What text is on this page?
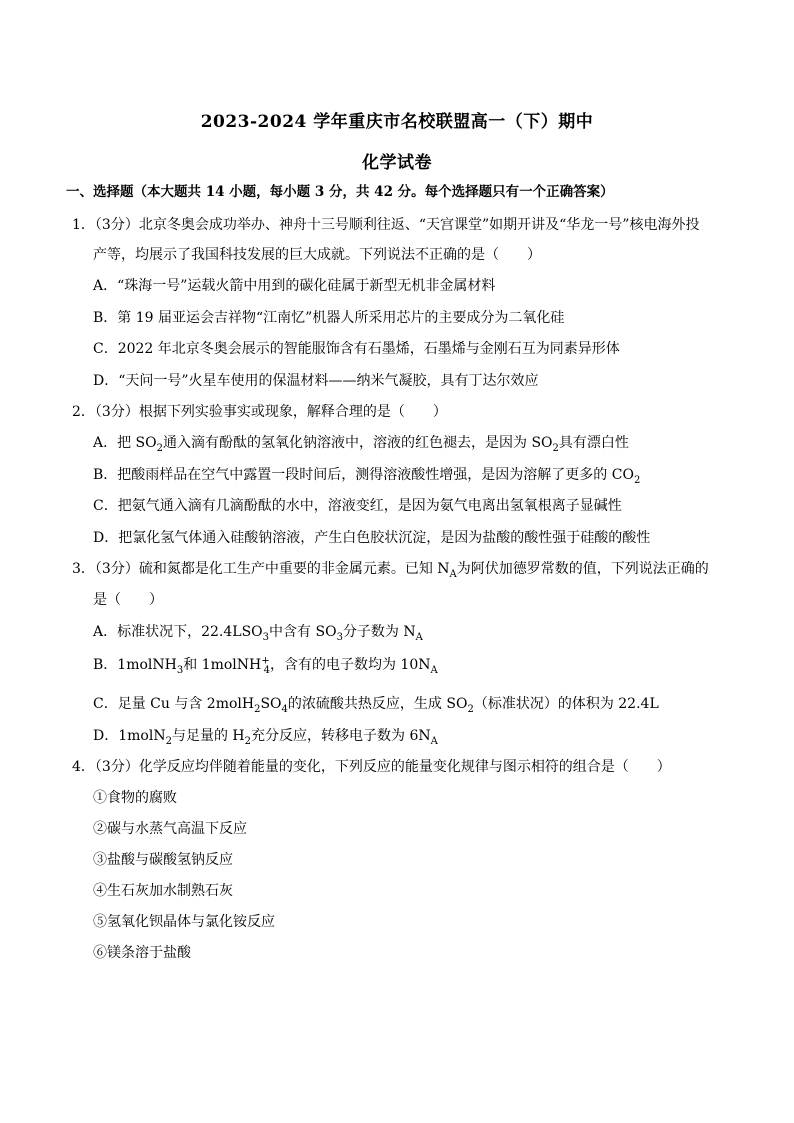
2023-2024 学年重庆市名校联盟高一（下）期中
化学试卷
一、选择题（本大题共 14 小题，每小题 3 分，共 42 分。每个选择题只有一个正确答案）
1．（3分）北京冬奥会成功举办、神舟十三号顺利往返、“天宫课堂”如期开讲及“华龙一号”核电海外投
产等，均展示了我国科技发展的巨大成就。下列说法不正确的是（　　）
A．“珠海一号”运载火箭中用到的碳化硅属于新型无机非金属材料
B．第 19 届亚运会吉祥物“江南忆”机器人所采用芯片的主要成分为二氧化硅
C．2022 年北京冬奥会展示的智能服饰含有石墨烯，石墨烯与金刚石互为同素异形体
D．“天问一号”火星车使用的保温材料——纳米气凝胶，具有丁达尔效应
2．（3分）根据下列实验事实或现象，解释合理的是（　　）
A．把 $SO_2$通入滴有酚酞的氢氧化钠溶液中，溶液的红色褪去，是因为 $SO_2$具有漂白性
B．把酸雨样品在空气中露置一段时间后，测得溶液酸性增强，是因为溶解了更多的 $CO_2$
C．把氨气通入滴有几滴酚酞的水中，溶液变红，是因为氨气电离出氢氧根离子显碱性
D．把氯化氢气体通入硅酸钠溶液，产生白色胶状沉淀，是因为盐酸的酸性强于硅酸的酸性
3．（3分）硫和氮都是化工生产中重要的非金属元素。已知 $N_A$为阿伏加德罗常数的值，下列说法正确的
是（　　）
A．标准状况下，$22.4LSO_3$中含有 $SO_3$分子数为 $N_A$
B．1molNH$_3$和 1molNH+$_4$，含有的电子数均为 $10N_A$
C．足量 Cu 与含 $2molH_2SO_4$的浓硫酸共热反应，生成 $SO_2$（标准状况）的体积为 22.4L
D．1molN$_2$与足量的 $H_2$充分反应，转移电子数为 $6N_A$
4．（3分）化学反应均伴随着能量的变化，下列反应的能量变化规律与图示相符的组合是（　　）
①食物的腐败
②碳与水蒸气高温下反应
③盐酸与碳酸氢钠反应
④生石灰加水制熟石灰
⑤氢氧化钡晶体与氯化铵反应
⑥镁条溶于盐酸
